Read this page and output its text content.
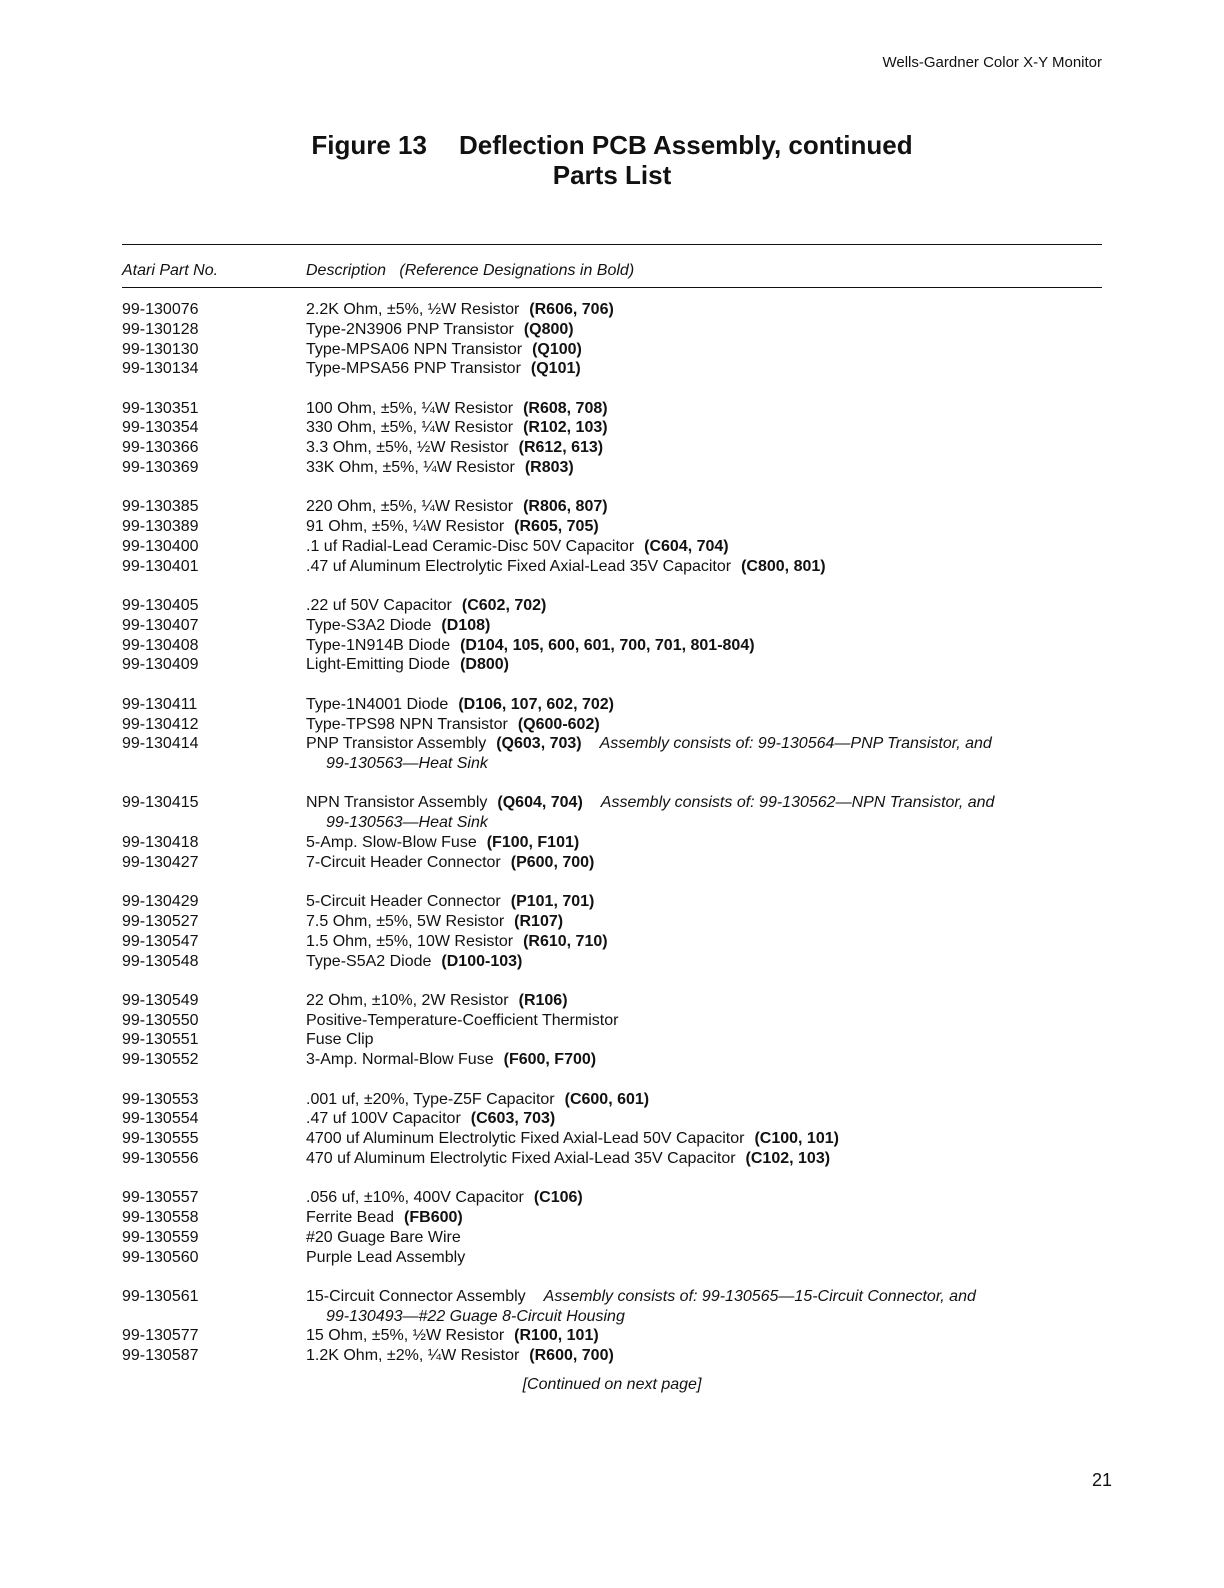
Wells-Gardner Color X-Y Monitor
Figure 13 Deflection PCB Assembly, continued
Parts List
Atari Part No.	Description   (Reference Designations in Bold)
99-130076	2.2K Ohm, ±5%, ½W Resistor (R606, 706)
99-130128	Type-2N3906 PNP Transistor (Q800)
99-130130	Type-MPSA06 NPN Transistor (Q100)
99-130134	Type-MPSA56 PNP Transistor (Q101)
99-130351	100 Ohm, ±5%, ¼W Resistor (R608, 708)
99-130354	330 Ohm, ±5%, ¼W Resistor (R102, 103)
99-130366	3.3 Ohm, ±5%, ½W Resistor (R612, 613)
99-130369	33K Ohm, ±5%, ¼W Resistor (R803)
99-130385	220 Ohm, ±5%, ¼W Resistor (R806, 807)
99-130389	91 Ohm, ±5%, ¼W Resistor (R605, 705)
99-130400	.1 uf Radial-Lead Ceramic-Disc 50V Capacitor (C604, 704)
99-130401	.47 uf Aluminum Electrolytic Fixed Axial-Lead 35V Capacitor (C800, 801)
99-130405	.22 uf 50V Capacitor (C602, 702)
99-130407	Type-S3A2 Diode (D108)
99-130408	Type-1N914B Diode (D104, 105, 600, 601, 700, 701, 801-804)
99-130409	Light-Emitting Diode (D800)
99-130411	Type-1N4001 Diode (D106, 107, 602, 702)
99-130412	Type-TPS98 NPN Transistor (Q600-602)
99-130414	PNP Transistor Assembly (Q603, 703) Assembly consists of: 99-130564—PNP Transistor, and
99-130563—Heat Sink
99-130415	NPN Transistor Assembly (Q604, 704) Assembly consists of: 99-130562—NPN Transistor, and
99-130563—Heat Sink
99-130418	5-Amp. Slow-Blow Fuse (F100, F101)
99-130427	7-Circuit Header Connector (P600, 700)
99-130429	5-Circuit Header Connector (P101, 701)
99-130527	7.5 Ohm, ±5%, 5W Resistor (R107)
99-130547	1.5 Ohm, ±5%, 10W Resistor (R610, 710)
99-130548	Type-S5A2 Diode (D100-103)
99-130549	22 Ohm, ±10%, 2W Resistor (R106)
99-130550	Positive-Temperature-Coefficient Thermistor
99-130551	Fuse Clip
99-130552	3-Amp. Normal-Blow Fuse (F600, F700)
99-130553	.001 uf, ±20%, Type-Z5F Capacitor (C600, 601)
99-130554	.47 uf 100V Capacitor (C603, 703)
99-130555	4700 uf Aluminum Electrolytic Fixed Axial-Lead 50V Capacitor (C100, 101)
99-130556	470 uf Aluminum Electrolytic Fixed Axial-Lead 35V Capacitor (C102, 103)
99-130557	.056 uf, ±10%, 400V Capacitor (C106)
99-130558	Ferrite Bead (FB600)
99-130559	#20 Guage Bare Wire
99-130560	Purple Lead Assembly
99-130561	15-Circuit Connector Assembly Assembly consists of: 99-130565—15-Circuit Connector, and
99-130493—#22 Guage 8-Circuit Housing
99-130577	15 Ohm, ±5%, ½W Resistor (R100, 101)
99-130587	1.2K Ohm, ±2%, ¼W Resistor (R600, 700)
[Continued on next page]
21
